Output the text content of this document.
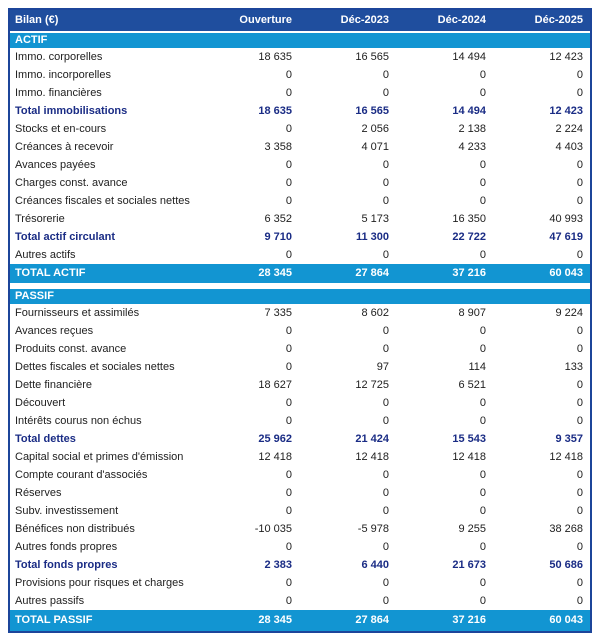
Bilan (€)	Ouverture	Déc-2023	Déc-2024	Déc-2025
ACTIF
Immo. corporelles	18 635	16 565	14 494	12 423
Immo. incorporelles	0	0	0	0
Immo. financières	0	0	0	0
Total immobilisations	18 635	16 565	14 494	12 423
Stocks et en-cours	0	2 056	2 138	2 224
Créances à recevoir	3 358	4 071	4 233	4 403
Avances payées	0	0	0	0
Charges const. avance	0	0	0	0
Créances fiscales et sociales nettes	0	0	0	0
Trésorerie	6 352	5 173	16 350	40 993
Total actif circulant	9 710	11 300	22 722	47 619
Autres actifs	0	0	0	0
TOTAL ACTIF	28 345	27 864	37 216	60 043
PASSIF
Fournisseurs et assimilés	7 335	8 602	8 907	9 224
Avances reçues	0	0	0	0
Produits const. avance	0	0	0	0
Dettes fiscales et sociales nettes	0	97	114	133
Dette financière	18 627	12 725	6 521	0
Découvert	0	0	0	0
Intérêts courus non échus	0	0	0	0
Total dettes	25 962	21 424	15 543	9 357
Capital social et primes d'émission	12 418	12 418	12 418	12 418
Compte courant d'associés	0	0	0	0
Réserves	0	0	0	0
Subv. investissement	0	0	0	0
Bénéfices non distribués	-10 035	-5 978	9 255	38 268
Autres fonds propres	0	0	0	0
Total fonds propres	2 383	6 440	21 673	50 686
Provisions pour risques et charges	0	0	0	0
Autres passifs	0	0	0	0
TOTAL PASSIF	28 345	27 864	37 216	60 043
